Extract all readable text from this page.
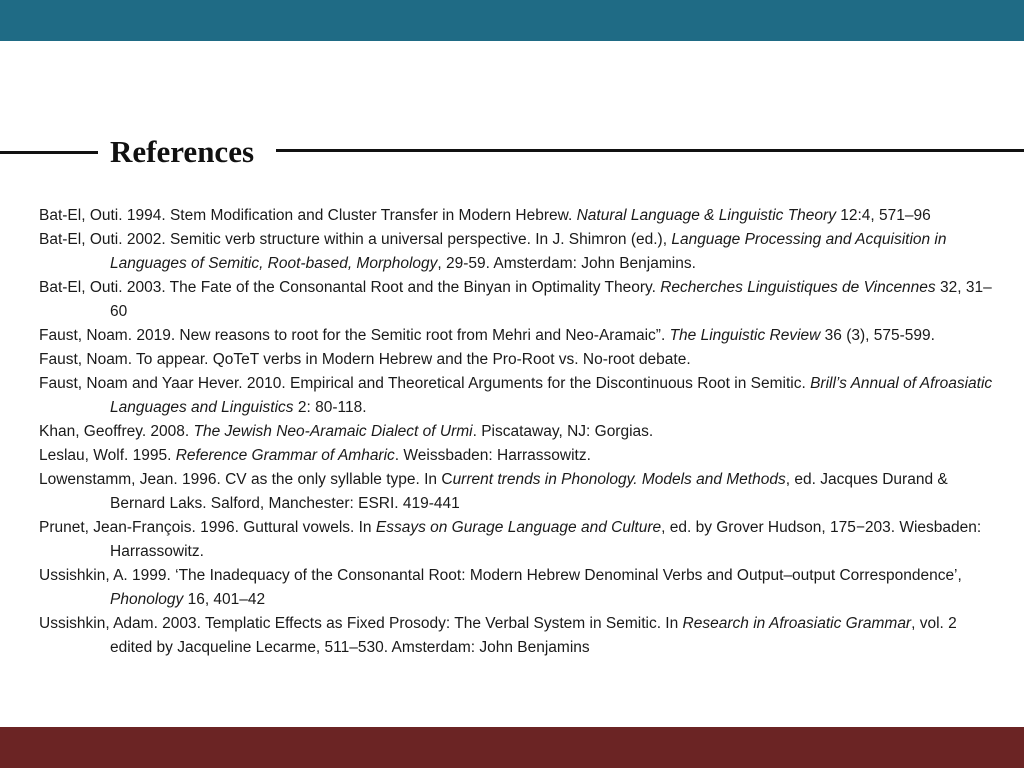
References

Bat-El, Outi. 1994. Stem Modification and Cluster Transfer in Modern Hebrew. Natural Language & Linguistic Theory 12:4, 571–96

Bat-El, Outi. 2002. Semitic verb structure within a universal perspective. In J. Shimron (ed.), Language Processing and Acquisition in Languages of Semitic, Root-based, Morphology, 29-59. Amsterdam: John Benjamins.

Bat-El, Outi. 2003. The Fate of the Consonantal Root and the Binyan in Optimality Theory. Recherches Linguistiques de Vincennes 32, 31–60

Faust, Noam. 2019. New reasons to root for the Semitic root from Mehri and Neo-Aramaic”. The Linguistic Review 36 (3), 575-599.

Faust, Noam. To appear. QoTeT verbs in Modern Hebrew and the Pro-Root vs. No-root debate.

Faust, Noam and Yaar Hever. 2010. Empirical and Theoretical Arguments for the Discontinuous Root in Semitic. Brill’s Annual of Afroasiatic Languages and Linguistics 2: 80-118.

Khan, Geoffrey. 2008. The Jewish Neo-Aramaic Dialect of Urmi. Piscataway, NJ: Gorgias.

Leslau, Wolf. 1995. Reference Grammar of Amharic. Weissbaden: Harrassowitz.

Lowenstamm, Jean. 1996. CV as the only syllable type. In Current trends in Phonology. Models and Methods, ed. Jacques Durand & Bernard Laks. Salford, Manchester: ESRI. 419-441

Prunet, Jean-François. 1996. Guttural vowels. In Essays on Gurage Language and Culture, ed. by Grover Hudson, 175−203. Wiesbaden: Harrassowitz.

Ussishkin, A. 1999. ‘The Inadequacy of the Consonantal Root: Modern Hebrew Denominal Verbs and Output–output Correspondence’, Phonology 16, 401–42

Ussishkin, Adam. 2003. Templatic Effects as Fixed Prosody: The Verbal System in Semitic. In Research in Afroasiatic Grammar, vol. 2 edited by Jacqueline Lecarme, 511–530. Amsterdam: John Benjamins
